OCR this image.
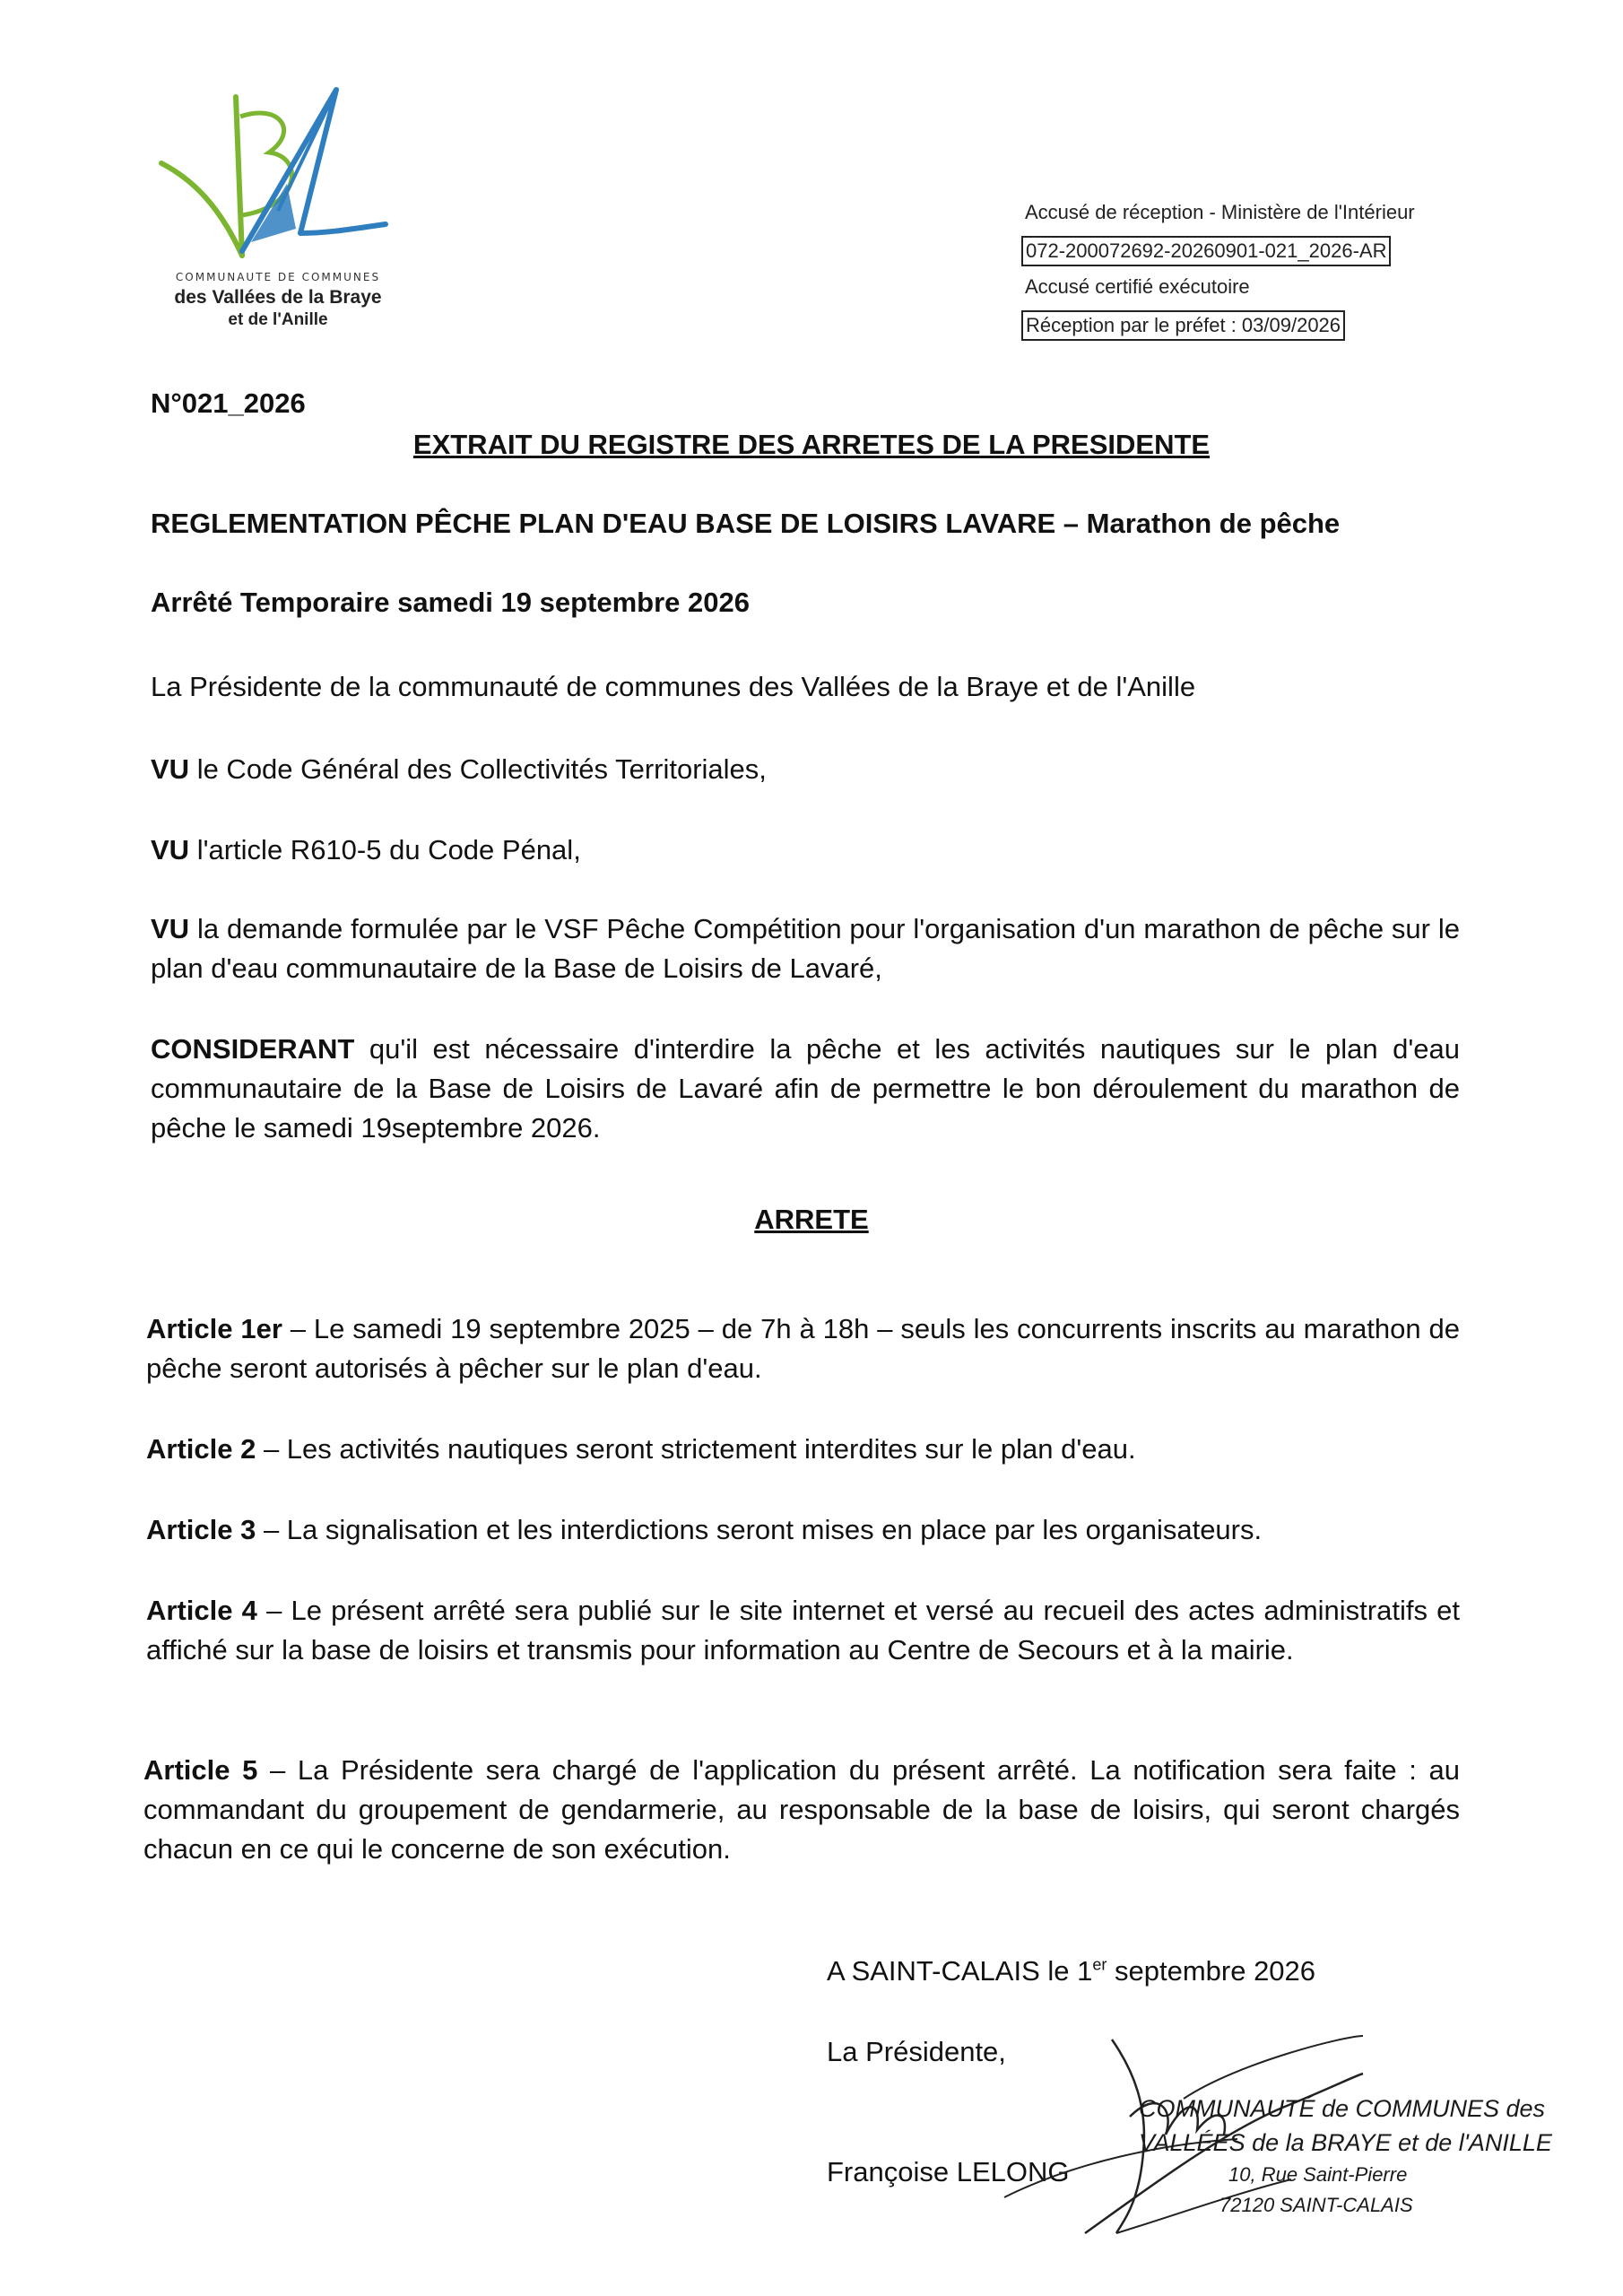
COMMUNAUTE DE COMMUNES
des Vallées de la Braye
et de l'Anille
Accusé de réception - Ministère de l'Intérieur
072-200072692-20260901-021_2026-AR
Accusé certifié exécutoire
Réception par le préfet : 03/09/2026
N°021_2026
EXTRAIT DU REGISTRE DES ARRETES DE LA PRESIDENTE
REGLEMENTATION PÊCHE PLAN D'EAU BASE DE LOISIRS LAVARE – Marathon de pêche
Arrêté Temporaire samedi 19 septembre 2026
La Présidente de la communauté de communes des Vallées de la Braye et de l'Anille
VU le Code Général des Collectivités Territoriales,
VU l'article R610-5 du Code Pénal,
VU la demande formulée par le VSF Pêche Compétition pour l'organisation d'un marathon de pêche sur le plan d'eau communautaire de la Base de Loisirs de Lavaré,
CONSIDERANT qu'il est nécessaire d'interdire la pêche et les activités nautiques sur le plan d'eau communautaire de la Base de Loisirs de Lavaré afin de permettre le bon déroulement du marathon de pêche le samedi 19septembre 2026.
ARRETE
Article 1er – Le samedi 19 septembre 2025 – de 7h à 18h – seuls les concurrents inscrits au marathon de pêche seront autorisés à pêcher sur le plan d'eau.
Article 2 – Les activités nautiques seront strictement interdites sur le plan d'eau.
Article 3 – La signalisation et les interdictions seront mises en place par les organisateurs.
Article 4 – Le présent arrêté sera publié sur le site internet et versé au recueil des actes administratifs et affiché sur la base de loisirs et transmis pour information au Centre de Secours et à la mairie.
Article 5 – La Présidente sera chargé de l'application du présent arrêté. La notification sera faite : au commandant du groupement de gendarmerie, au responsable de la base de loisirs, qui seront chargés chacun en ce qui le concerne de son exécution.
A SAINT-CALAIS le 1er septembre 2026
La Présidente,
Françoise LELONG
COMMUNAUTÉ de COMMUNES des
VALLÉES de la BRAYE et de l'ANILLE
10, Rue Saint-Pierre
72120 SAINT-CALAIS
